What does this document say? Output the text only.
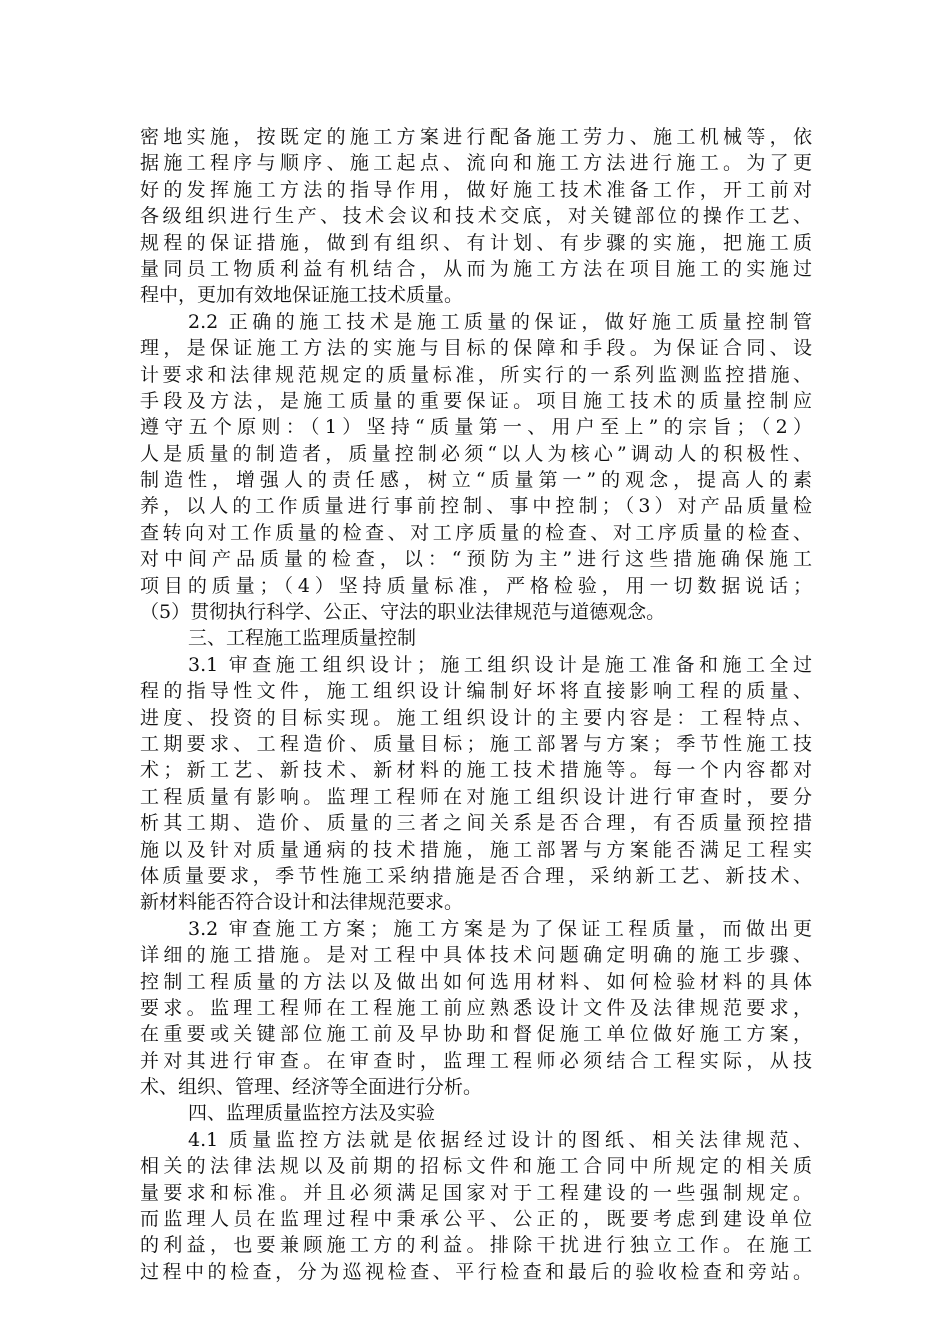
密地实施，按既定的施工方案进行配备施工劳力、施工机械等，依
据施工程序与顺序、施工起点、流向和施工方法进行施工。为了更
好的发挥施工方法的指导作用，做好施工技术准备工作，开工前对
各级组织进行生产、技术会议和技术交底，对关键部位的操作工艺、
规程的保证措施，做到有组织、有计划、有步骤的实施，把施工质
量同员工物质利益有机结合，从而为施工方法在项目施工的实施过
程中，更加有效地保证施工技术质量。
2.2 正确的施工技术是施工质量的保证，做好施工质量控制管
理，是保证施工方法的实施与目标的保障和手段。为保证合同、设
计要求和法律规范规定的质量标准，所实行的一系列监测监控措施、
手段及方法，是施工质量的重要保证。项目施工技术的质量控制应
遵守五个原则：（1）坚持“质量第一、用户至上”的宗旨；（2）
人是质量的制造者，质量控制必须“以人为核心”调动人的积极性、
制造性，增强人的责任感，树立“质量第一”的观念，提高人的素
养，以人的工作质量进行事前控制、事中控制；（3）对产品质量检
查转向对工作质量的检查、对工序质量的检查、对工序质量的检查、
对中间产品质量的检查，以：“预防为主”进行这些措施确保施工
项目的质量；（4）坚持质量标准，严格检验，用一切数据说话；
（5）贯彻执行科学、公正、守法的职业法律规范与道德观念。
三、工程施工监理质量控制
3.1 审查施工组织设计；施工组织设计是施工准备和施工全过
程的指导性文件，施工组织设计编制好坏将直接影响工程的质量、
进度、投资的目标实现。施工组织设计的主要内容是：工程特点、
工期要求、工程造价、质量目标；施工部署与方案；季节性施工技
术；新工艺、新技术、新材料的施工技术措施等。每一个内容都对
工程质量有影响。监理工程师在对施工组织设计进行审查时，要分
析其工期、造价、质量的三者之间关系是否合理，有否质量预控措
施以及针对质量通病的技术措施，施工部署与方案能否满足工程实
体质量要求，季节性施工采纳措施是否合理，采纳新工艺、新技术、
新材料能否符合设计和法律规范要求。
3.2 审查施工方案；施工方案是为了保证工程质量，而做出更
详细的施工措施。是对工程中具体技术问题确定明确的施工步骤、
控制工程质量的方法以及做出如何选用材料、如何检验材料的具体
要求。监理工程师在工程施工前应熟悉设计文件及法律规范要求，
在重要或关键部位施工前及早协助和督促施工单位做好施工方案，
并对其进行审查。在审查时，监理工程师必须结合工程实际，从技
术、组织、管理、经济等全面进行分析。
四、监理质量监控方法及实验
4.1 质量监控方法就是依据经过设计的图纸、相关法律规范、
相关的法律法规以及前期的招标文件和施工合同中所规定的相关质
量要求和标准。并且必须满足国家对于工程建设的一些强制规定。
而监理人员在监理过程中秉承公平、公正的，既要考虑到建设单位
的利益，也要兼顾施工方的利益。排除干扰进行独立工作。在施工
过程中的检查，分为巡视检查、平行检查和最后的验收检查和旁站。
